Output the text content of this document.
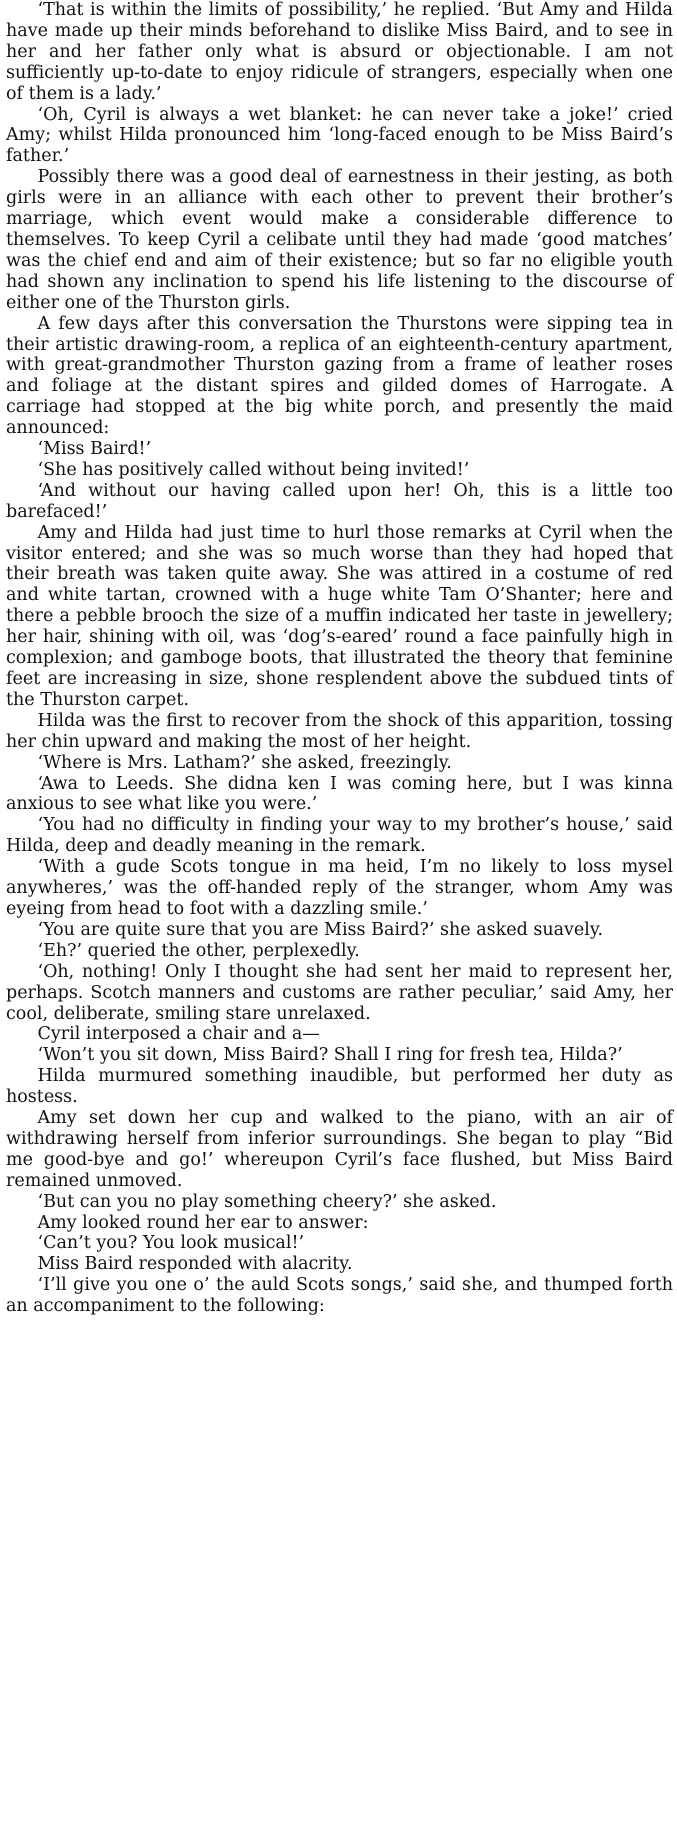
‘That is within the limits of possibility,’ he replied. ‘But Amy and Hilda have made up their minds beforehand to dislike Miss Baird, and to see in her and her father only what is absurd or objectionable. I am not sufficiently up-to-date to enjoy ridicule of strangers, especially when one of them is a lady.’

‘Oh, Cyril is always a wet blanket: he can never take a joke!’ cried Amy; whilst Hilda pronounced him ‘long-faced enough to be Miss Baird’s father.’

Possibly there was a good deal of earnestness in their jesting, as both girls were in an alliance with each other to prevent their brother’s marriage, which event would make a considerable difference to themselves. To keep Cyril a celibate until they had made ‘good matches’ was the chief end and aim of their existence; but so far no eligible youth had shown any inclination to spend his life listening to the discourse of either one of the Thurston girls.

A few days after this conversation the Thurstons were sipping tea in their artistic drawing-room, a replica of an eighteenth-century apartment, with great-grandmother Thurston gazing from a frame of leather roses and foliage at the distant spires and gilded domes of Harrogate. A carriage had stopped at the big white porch, and presently the maid announced:

‘Miss Baird!’

‘She has positively called without being invited!’

‘And without our having called upon her! Oh, this is a little too barefaced!’

Amy and Hilda had just time to hurl those remarks at Cyril when the visitor entered; and she was so much worse than they had hoped that their breath was taken quite away. She was attired in a costume of red and white tartan, crowned with a huge white Tam O’Shanter; here and there a pebble brooch the size of a muffin indicated her taste in jewellery; her hair, shining with oil, was ‘dog’s-eared’ round a face painfully high in complexion; and gamboge boots, that illustrated the theory that feminine feet are increasing in size, shone resplendent above the subdued tints of the Thurston carpet.

Hilda was the first to recover from the shock of this apparition, tossing her chin upward and making the most of her height.

‘Where is Mrs. Latham?’ she asked, freezingly.

‘Awa to Leeds. She didna ken I was coming here, but I was kinna anxious to see what like you were.’

‘You had no difficulty in finding your way to my brother’s house,’ said Hilda, deep and deadly meaning in the remark.

‘With a gude Scots tongue in ma heid, I’m no likely to loss mysel anywheres,’ was the off-handed reply of the stranger, whom Amy was eyeing from head to foot with a dazzling smile.’

‘You are quite sure that you are Miss Baird?’ she asked suavely.

‘Eh?’ queried the other, perplexedly.

‘Oh, nothing! Only I thought she had sent her maid to represent her, perhaps. Scotch manners and customs are rather peculiar,’ said Amy, her cool, deliberate, smiling stare unrelaxed.

Cyril interposed a chair and a—

‘Won’t you sit down, Miss Baird? Shall I ring for fresh tea, Hilda?’

Hilda murmured something inaudible, but performed her duty as hostess.

Amy set down her cup and walked to the piano, with an air of withdrawing herself from inferior surroundings. She began to play “Bid me good-bye and go!’ whereupon Cyril’s face flushed, but Miss Baird remained unmoved.

‘But can you no play something cheery?’ she asked.

Amy looked round her ear to answer:

‘Can’t you? You look musical!’

Miss Baird responded with alacrity.

‘I’ll give you one o’ the auld Scots songs,’ said she, and thumped forth an accompaniment to the following:
